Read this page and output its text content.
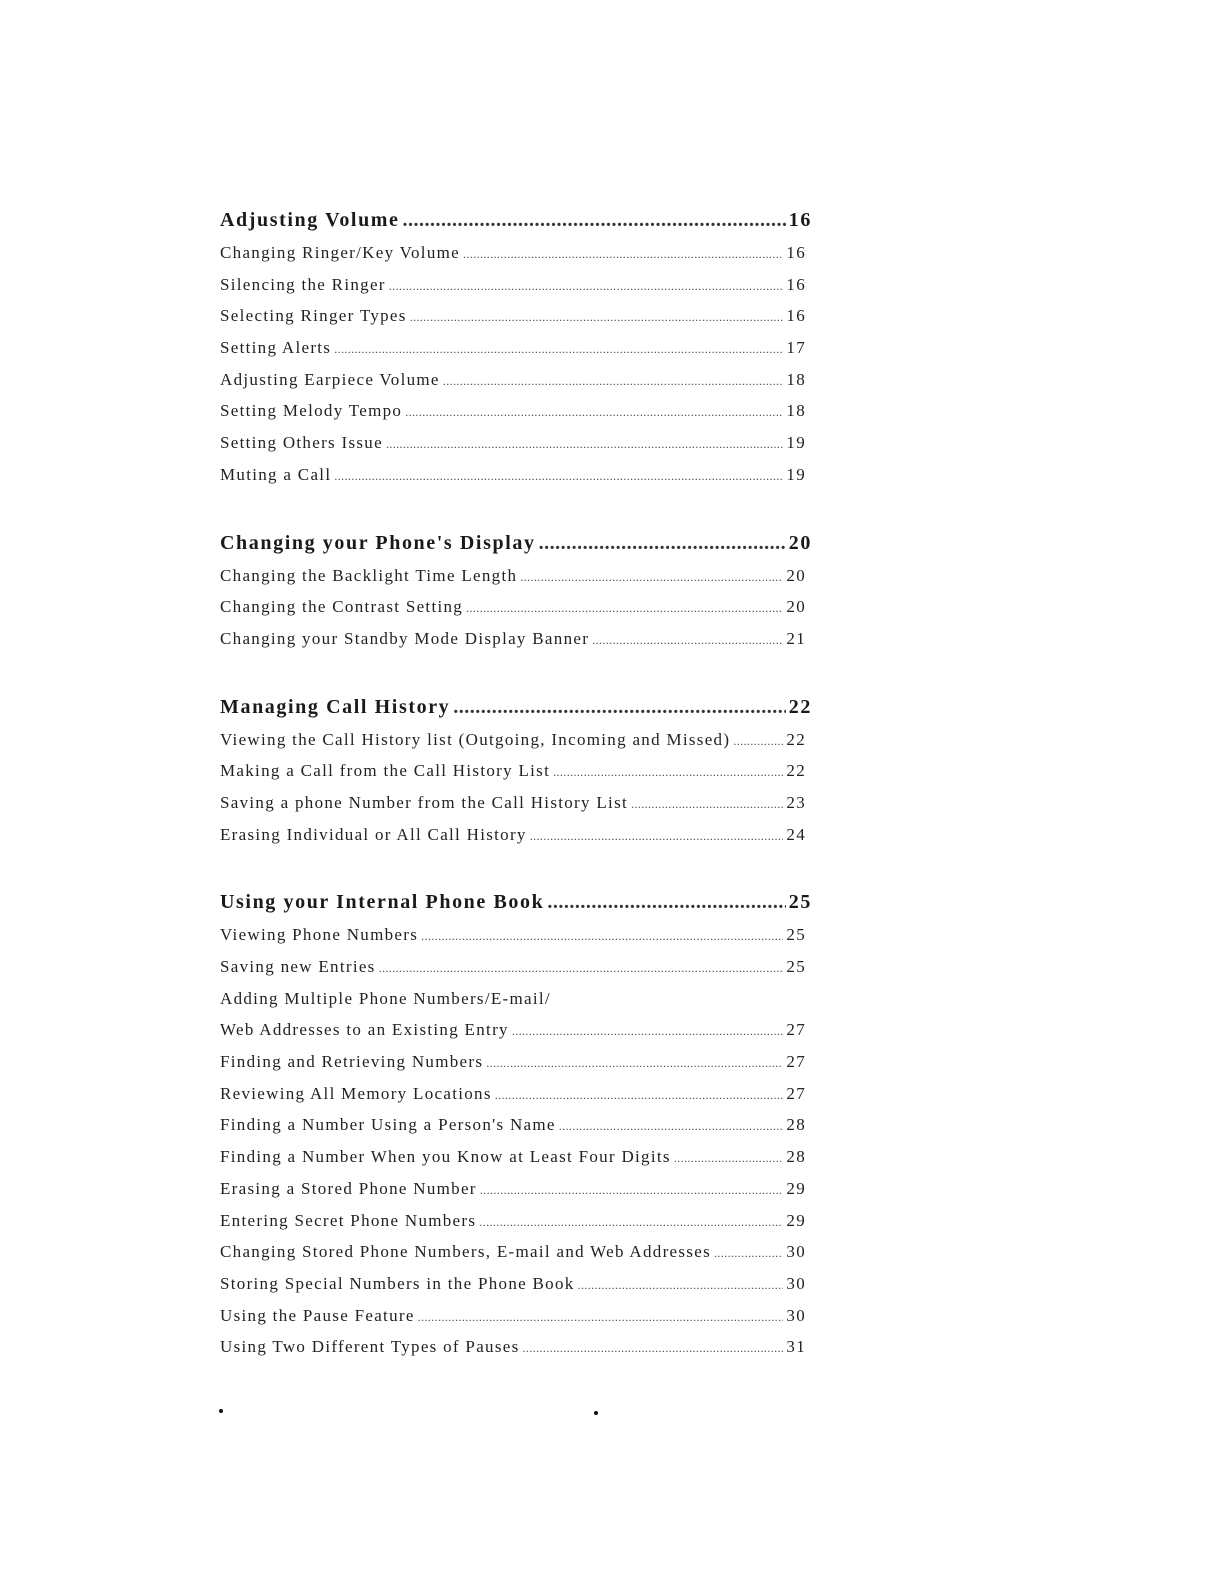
Adjusting Volume .....	16
Changing Ringer/Key Volume .....	16
Silencing the Ringer .....	16
Selecting Ringer Types .....	16
Setting Alerts .....	17
Adjusting Earpiece Volume .....	18
Setting Melody Tempo .....	18
Setting Others Issue .....	19
Muting a Call .....	19
Changing your Phone's Display .....	20
Changing the Backlight Time Length .....	20
Changing the Contrast Setting .....	20
Changing your Standby Mode Display Banner .....	21
Managing Call History .....	22
Viewing the Call History list (Outgoing, Incoming and Missed) .....	22
Making a Call from the Call History List .....	22
Saving a phone Number from the Call History List .....	23
Erasing Individual or All Call History .....	24
Using your Internal Phone Book .....	25
Viewing Phone Numbers .....	25
Saving new Entries .....	25
Adding Multiple Phone Numbers/E-mail/
Web Addresses to an Existing Entry .....	27
Finding and Retrieving Numbers .....	27
Reviewing All Memory Locations .....	27
Finding a Number Using a Person's Name .....	28
Finding a Number When you Know at Least Four Digits .....	28
Erasing a Stored Phone Number .....	29
Entering Secret Phone Numbers .....	29
Changing Stored Phone Numbers, E-mail and Web Addresses .....	30
Storing Special Numbers in the Phone Book .....	30
Using the Pause Feature .....	30
Using Two Different Types of Pauses .....	31
